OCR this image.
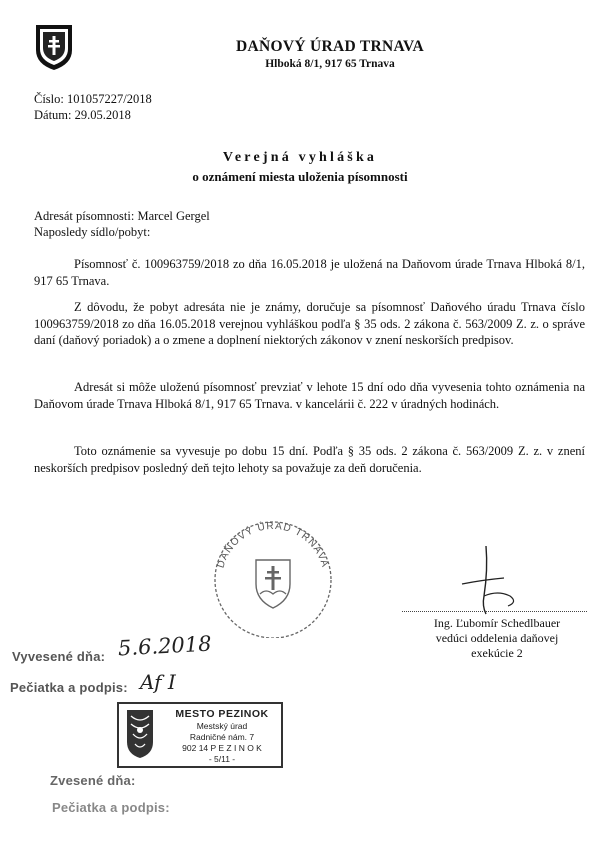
DAŇOVÝ ÚRAD TRNAVA
Hlboká 8/1, 917 65 Trnava
Číslo: 101057227/2018
Dátum: 29.05.2018
Verejná vyhláška
o oznámení miesta uloženia písomnosti
Adresát písomnosti: Marcel Gergel
Naposledy sídlo/pobyt:
Písomnosť č. 100963759/2018 zo dňa 16.05.2018 je uložená na Daňovom úrade Trnava Hlboká 8/1, 917 65 Trnava.
Z dôvodu, že pobyt adresáta nie je známy, doručuje sa písomnosť Daňového úradu Trnava číslo 100963759/2018 zo dňa 16.05.2018 verejnou vyhláškou podľa § 35 ods. 2 zákona č. 563/2009 Z. z. o správe daní (daňový poriadok) a o zmene a doplnení niektorých zákonov v znení neskorších predpisov.
Adresát si môže uloženú písomnosť prevziať v lehote 15 dní odo dňa vyvesenia tohto oznámenia na Daňovom úrade Trnava Hlboká 8/1, 917 65 Trnava. v kancelárii č. 222 v úradných hodinách.
Toto oznámenie sa vyvesuje po dobu 15 dní. Podľa § 35 ods. 2 zákona č. 563/2009 Z. z. v znení neskorších predpisov posledný deň tejto lehoty sa považuje za deň doručenia.
DAŇOVÝ ÚRAD TRNAVA
Ing. Ľubomír Schedlbauer
vedúci oddelenia daňovej
exekúcie 2
Vyvesené dňa: 5.6.2018
Pečiatka a podpis: Af I
MESTO PEZINOK
Mestský úrad
Radničné nám. 7
902 14 P E Z I N O K
- 5/11 -
Zvesené dňa:
Pečiatka a podpis:
